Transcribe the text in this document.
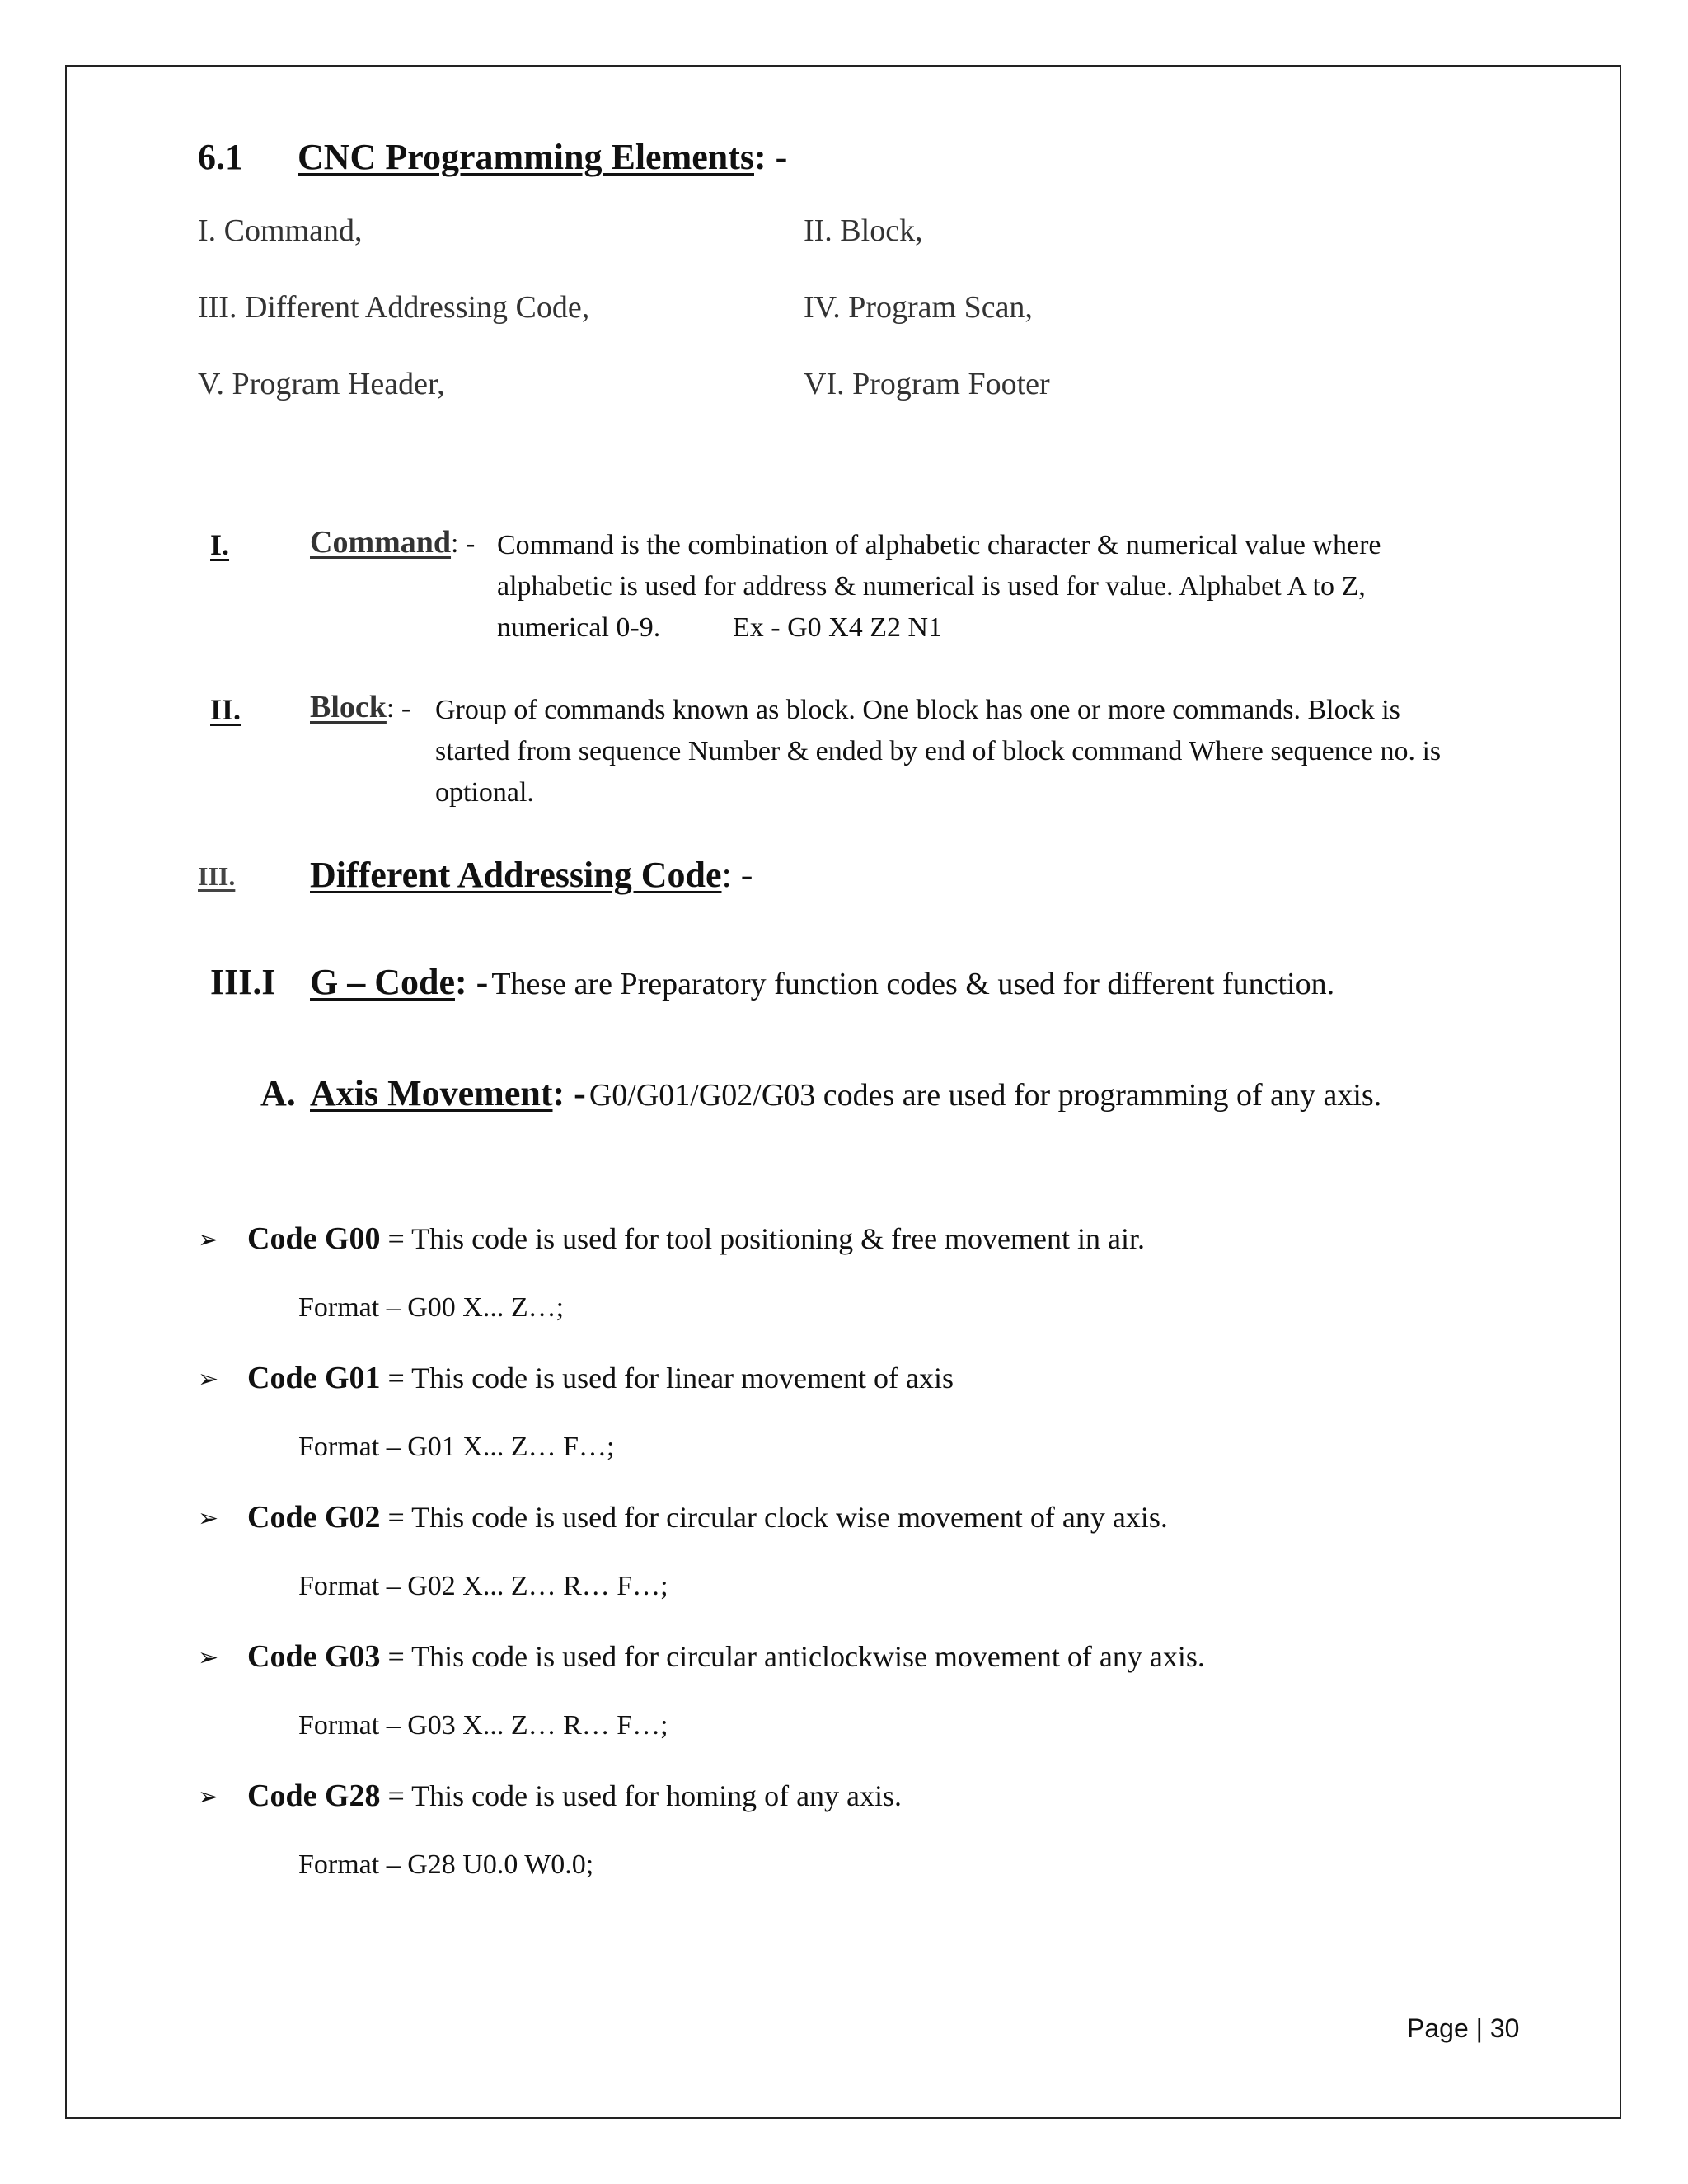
6.1 CNC Programming Elements: -
I. Command,	II. Block,
III. Different Addressing Code,	IV. Program Scan,
V. Program Header,	VI. Program Footer
I.	Command: - Command is the combination of alphabetic character & numerical value where
alphabetic is used for address & numerical is used for value. Alphabet A to Z,
numerical 0-9.	Ex - G0 X4 Z2 N1
II. Block: - Group of commands known as block. One block has one or more commands. Block is
started from sequence Number & ended by end of block command Where sequence no. is
optional.
III. Different Addressing Code: -
III.I G – Code: - These are Preparatory function codes & used for different function.
A. Axis Movement: - G0/G01/G02/G03 codes are used for programming of any axis.
➢ Code G00 = This code is used for tool positioning & free movement in air.
Format – G00 X... Z…;
➢ Code G01 = This code is used for linear movement of axis
Format – G01 X... Z… F…;
➢ Code G02 = This code is used for circular clock wise movement of any axis.
Format – G02 X... Z… R… F…;
➢ Code G03 = This code is used for circular anticlockwise movement of any axis.
Format – G03 X... Z… R… F…;
➢ Code G28 = This code is used for homing of any axis.
Format – G28 U0.0 W0.0;
Page | 30
